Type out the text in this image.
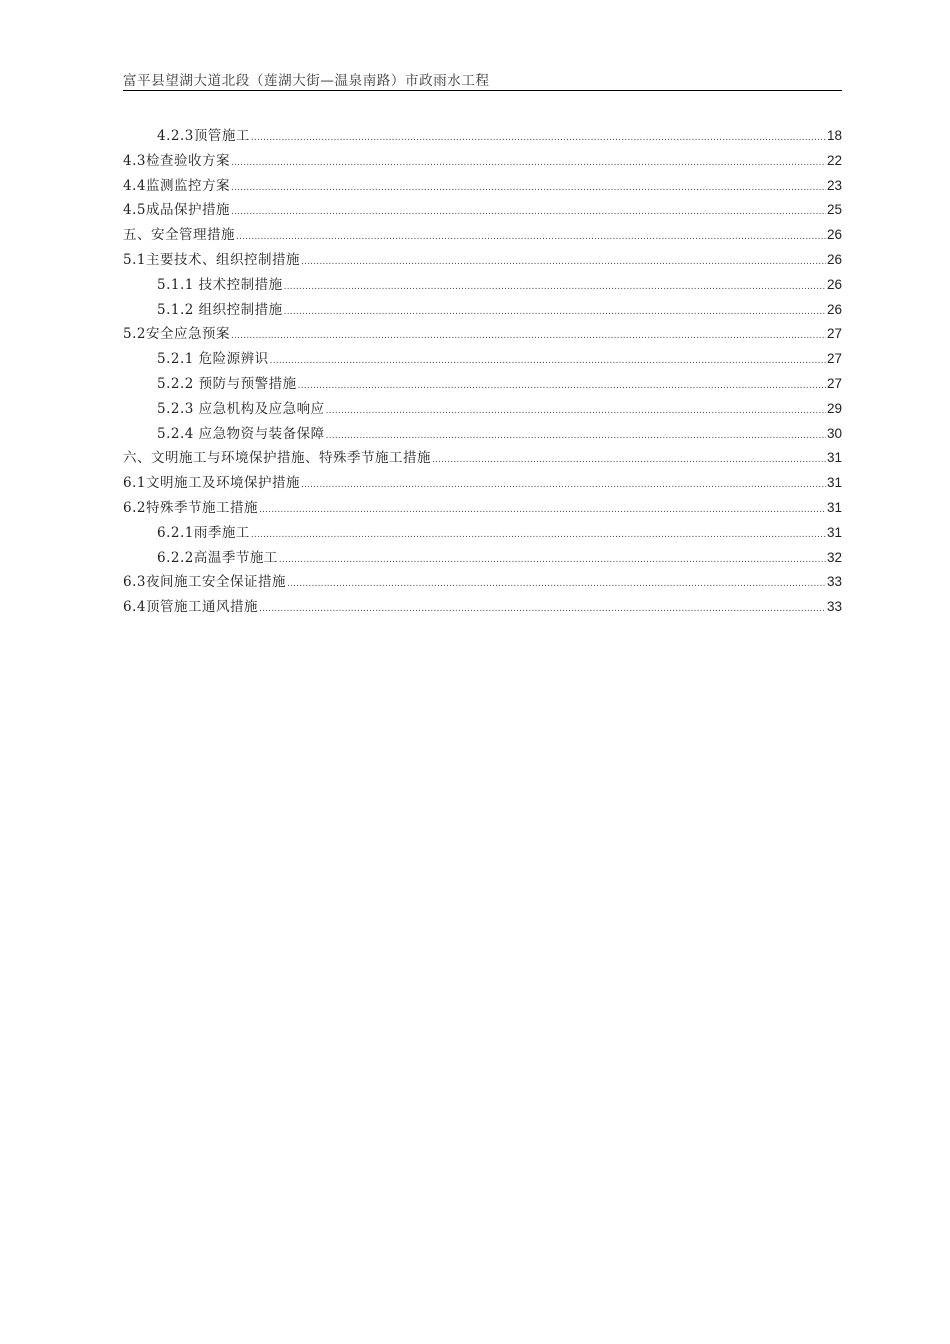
富平县望湖大道北段（莲湖大街—温泉南路）市政雨水工程
4.2.3顶管施工 .....	18
4.3检查验收方案 .....	22
4.4监测监控方案 .....	23
4.5成品保护措施 .....	25
五、安全管理措施 .....	26
5.1主要技术、组织控制措施 .....	26
5.1.1 技术控制措施 .....	26
5.1.2 组织控制措施 .....	26
5.2安全应急预案 .....	27
5.2.1 危险源辨识 .....	27
5.2.2 预防与预警措施 .....	27
5.2.3 应急机构及应急响应 .....	29
5.2.4 应急物资与装备保障 .....	30
六、文明施工与环境保护措施、特殊季节施工措施 .....	31
6.1文明施工及环境保护措施 .....	31
6.2特殊季节施工措施 .....	31
6.2.1雨季施工 .....	31
6.2.2高温季节施工 .....	32
6.3夜间施工安全保证措施 .....	33
6.4顶管施工通风措施 .....	33
